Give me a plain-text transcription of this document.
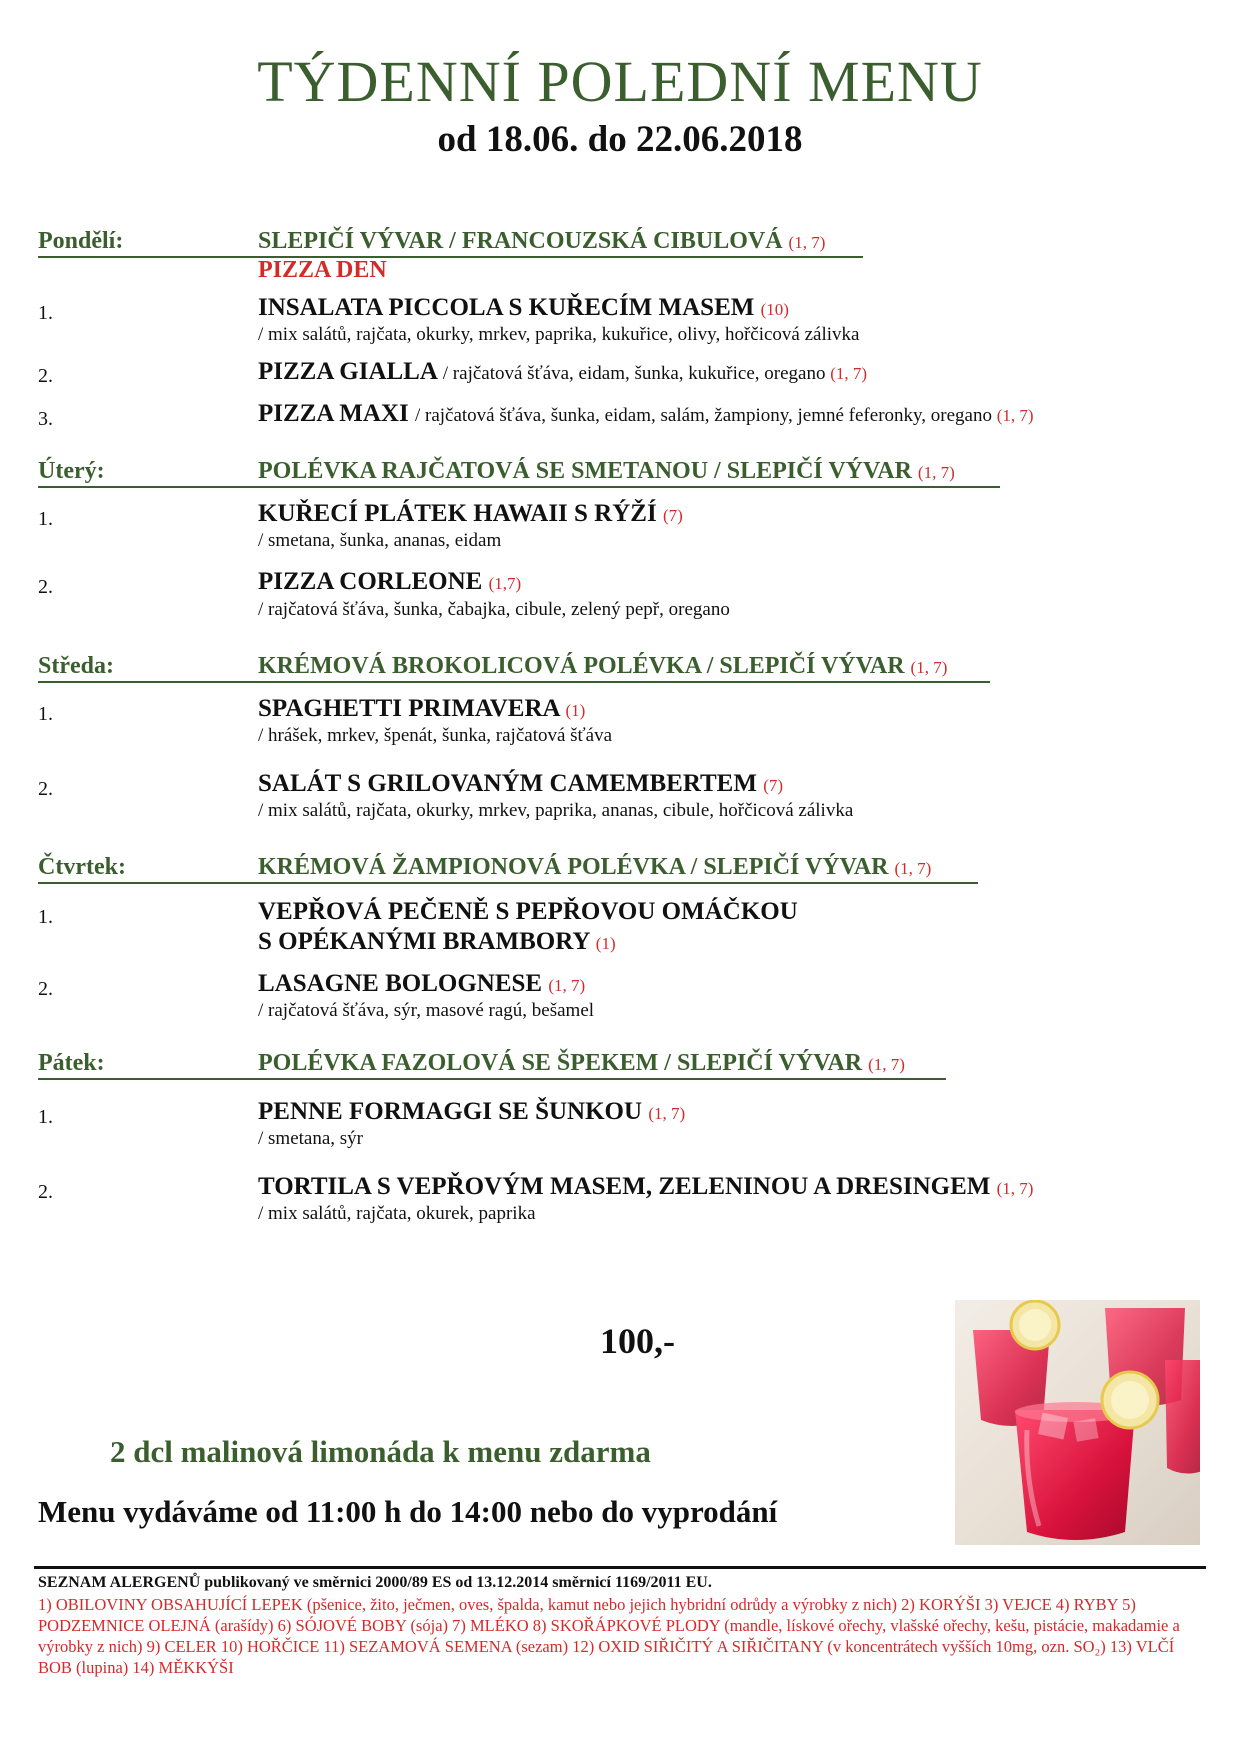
TÝDENNÍ POLEDNÍ MENU
od 18.06. do 22.06.2018
Pondělí:	SLEPIČÍ VÝVAR / FRANCOUZSKÁ CIBULOVÁ (1, 7)
PIZZA DEN
1.	INSALATA PICCOLA S KUŘECÍM MASEM (10)
/ mix salátů, rajčata, okurky, mrkev, paprika, kukuřice, olivy, hořčicová zálivka
2.	PIZZA GIALLA / rajčatová šťáva, eidam, šunka, kukuřice, oregano (1, 7)
3.	PIZZA MAXI / rajčatová šťáva, šunka, eidam, salám, žampiony, jemné feferonky, oregano (1, 7)
Úterý:	POLÉVKA RAJČATOVÁ SE SMETANOU / SLEPIČÍ VÝVAR (1, 7)
1.	KUŘECÍ PLÁTEK HAWAII S RÝŽÍ (7)
/ smetana, šunka, ananas, eidam
2.	PIZZA CORLEONE (1,7)
/ rajčatová šťáva, šunka, čabajka, cibule, zelený pepř, oregano
Středa:	KRÉMOVÁ BROKOLICOVÁ POLÉVKA / SLEPIČÍ VÝVAR (1, 7)
1.	SPAGHETTI PRIMAVERA (1)
/ hrášek, mrkev, špenát, šunka, rajčatová šťáva
2.	SALÁT S GRILOVANÝM CAMEMBERTEM (7)
/ mix salátů, rajčata, okurky, mrkev, paprika, ananas, cibule, hořčicová zálivka
Čtvrtek:	KRÉMOVÁ ŽAMPIONOVÁ POLÉVKA / SLEPIČÍ VÝVAR (1, 7)
1.	VEPŘOVÁ PEČENĚ S PEPŘOVOU OMÁČKOU
S OPÉKANÝMI BRAMBORY (1)
2.	LASAGNE BOLOGNESE (1, 7)
/ rajčatová šťáva, sýr, masové ragú, bešamel
Pátek:	POLÉVKA FAZOLOVÁ SE ŠPEKEM / SLEPIČÍ VÝVAR (1, 7)
1.	PENNE FORMAGGI SE ŠUNKOU (1, 7)
/ smetana, sýr
2.	TORTILA S VEPŘOVÝM MASEM, ZELENINOU A DRESINGEM (1, 7)
/ mix salátů, rajčata, okurek, paprika
100,-
2 dcl malinová limonáda k menu zdarma
Menu vydáváme od 11:00 h do 14:00 nebo do vyprodání
SEZNAM ALERGENŮ publikovaný ve směrnici 2000/89 ES od 13.12.2014 směrnicí 1169/2011 EU.
1) OBILOVINY OBSAHUJÍCÍ LEPEK (pšenice, žito, ječmen, oves, špalda, kamut nebo jejich hybridní odrůdy a výrobky z nich) 2) KORÝŠI 3) VEJCE 4) RYBY 5) PODZEMNICE OLEJNÁ (arašídy) 6) SÓJOVÉ BOBY (sója) 7) MLÉKO 8) SKOŘÁPKOVÉ PLODY (mandle, lískové ořechy, vlašské ořechy, kešu, pistácie, makadamie a výrobky z nich) 9) CELER 10) HOŘČICE 11) SEZAMOVÁ SEMENA (sezam) 12) OXID SIŘIČITÝ A SIŘIČITANY (v koncentrátech vyšších 10mg, ozn. SO₂) 13) VLČÍ BOB (lupina) 14) MĚKKÝŠI
